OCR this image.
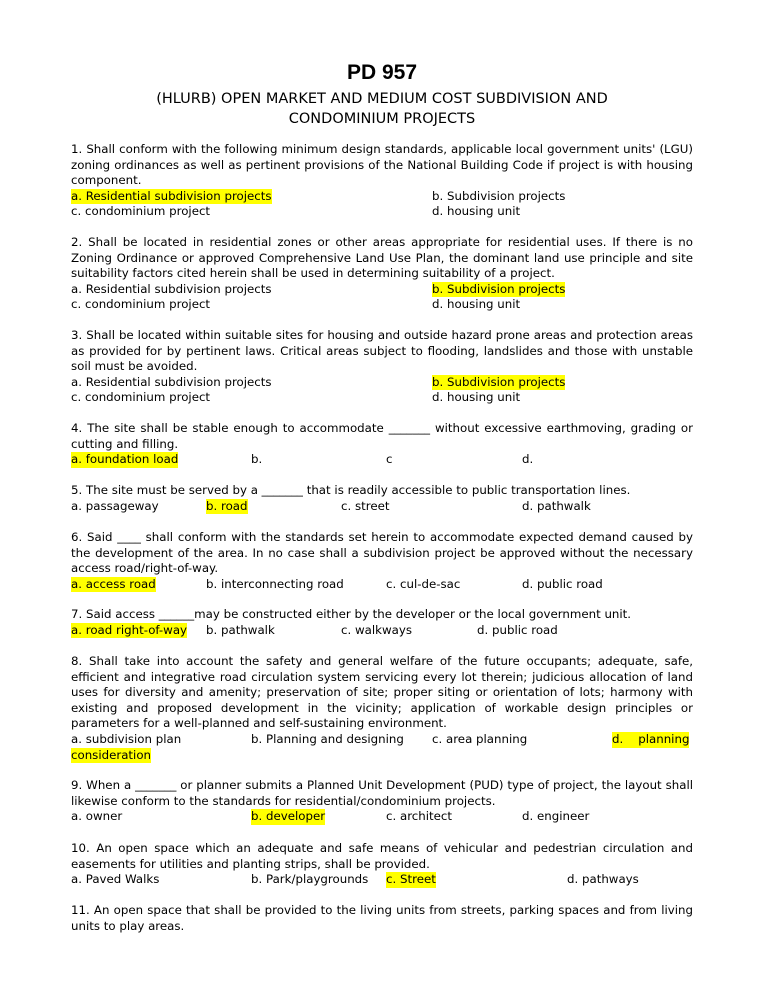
PD 957
(HLURB) OPEN MARKET AND MEDIUM COST SUBDIVISION AND
CONDOMINIUM PROJECTS
1. Shall conform with the following minimum design standards, applicable local government units' (LGU) zoning ordinances as well as pertinent provisions of the National Building Code if project is with housing component.
a. Residential subdivision projects	b. Subdivision projects
c. condominium project	d. housing unit
2. Shall be located in residential zones or other areas appropriate for residential uses. If there is no Zoning Ordinance or approved Comprehensive Land Use Plan, the dominant land use principle and site suitability factors cited herein shall be used in determining suitability of a project.
a. Residential subdivision projects	b. Subdivision projects
c. condominium project	d. housing unit
3. Shall be located within suitable sites for housing and outside hazard prone areas and protection areas as provided for by pertinent laws. Critical areas subject to flooding, landslides and those with unstable soil must be avoided.
a. Residential subdivision projects	b. Subdivision projects
c. condominium project	d. housing unit
4. The site shall be stable enough to accommodate _______ without excessive earthmoving, grading or cutting and filling.
a. foundation load	b.	c	d.
5. The site must be served by a _______ that is readily accessible to public transportation lines.
a. passageway	b. road	c. street	d. pathwalk
6. Said ____ shall conform with the standards set herein to accommodate expected demand caused by the development of the area. In no case shall a subdivision project be approved without the necessary access road/right-of-way.
a. access road	b. interconnecting road	c. cul-de-sac	d. public road
7. Said access ______may be constructed either by the developer or the local government unit.
a. road right-of-way b. pathwalk	c. walkways	d. public road
8. Shall take into account the safety and general welfare of the future occupants; adequate, safe, efficient and integrative road circulation system servicing every lot therein; judicious allocation of land uses for diversity and amenity; preservation of site; proper siting or orientation of lots; harmony with existing and proposed development in the vicinity; application of workable design principles or parameters for a well-planned and self-sustaining environment.
a. subdivision plan	b. Planning and designing c. area planning	d.    planning
consideration
9. When a _______ or planner submits a Planned Unit Development (PUD) type of project, the layout shall likewise conform to the standards for residential/condominium projects.
a. owner	b. developer	c. architect	d. engineer
10. An open space which an adequate and safe means of vehicular and pedestrian circulation and easements for utilities and planting strips, shall be provided.
a. Paved Walks	b. Park/playgrounds c. Street	d. pathways
11. An open space that shall be provided to the living units from streets, parking spaces and from living units to play areas.
